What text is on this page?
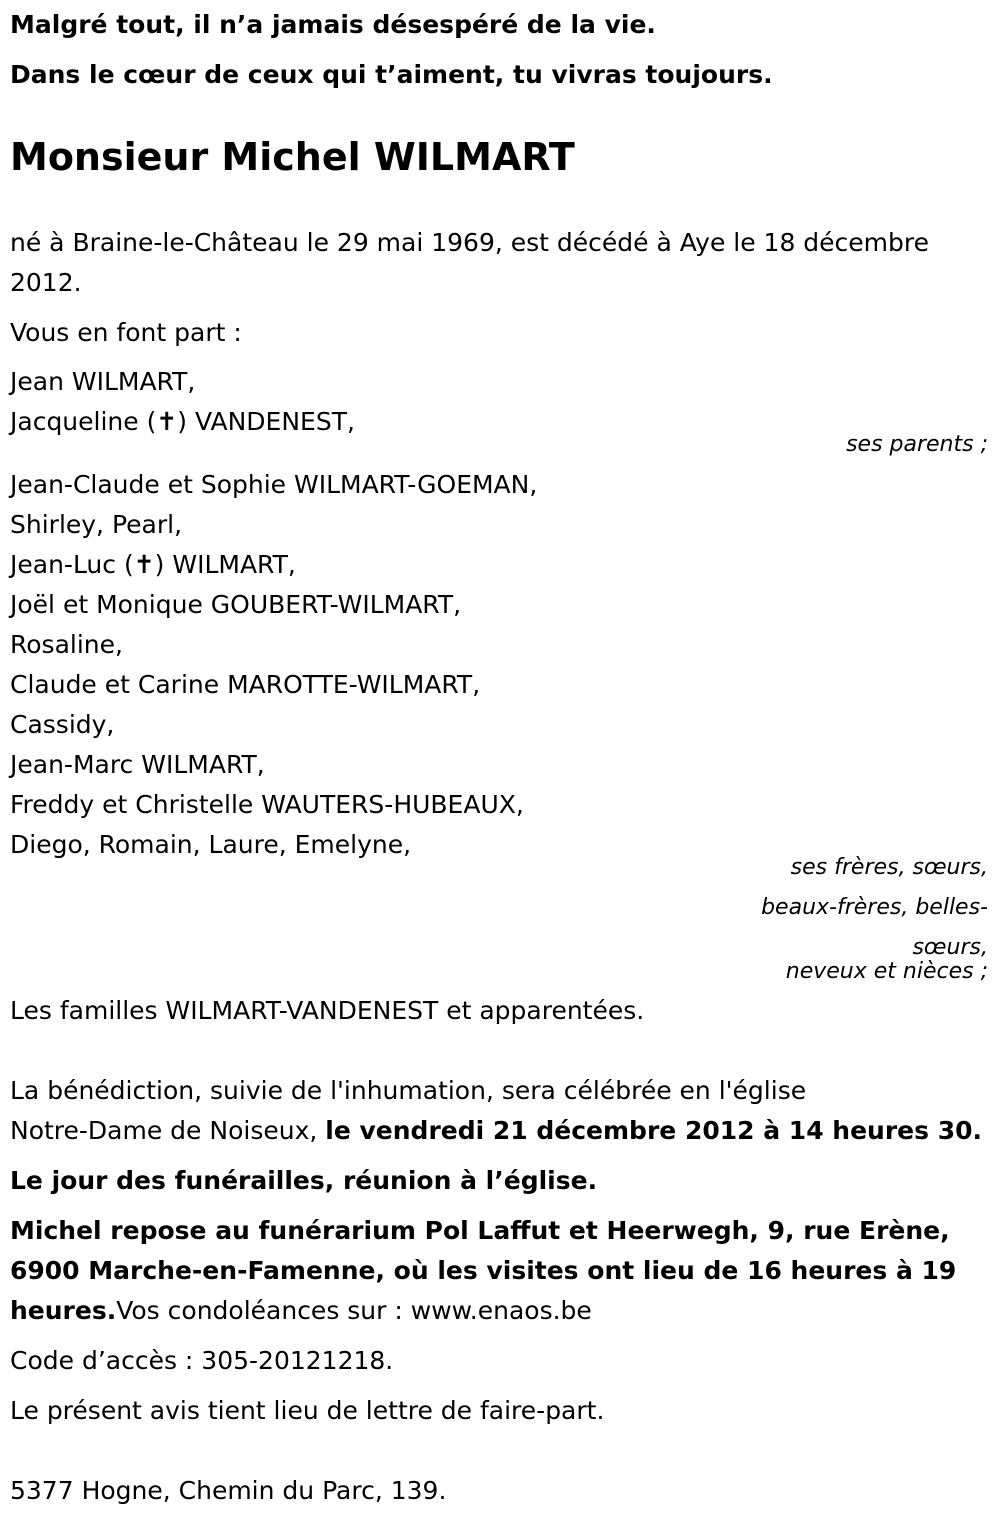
Malgré tout, il n’a jamais désespéré de la vie.
Dans le cœur de ceux qui t’aiment, tu vivras toujours.
Monsieur Michel WILMART
né à Braine-le-Château le 29 mai 1969, est décédé à Aye le 18 décembre
2012.
Vous en font part :
Jean WILMART,
Jacqueline (✝) VANDENEST,
ses parents ;
Jean-Claude et Sophie WILMART-GOEMAN,
Shirley, Pearl,
Jean-Luc (✝) WILMART,
Joël et Monique GOUBERT-WILMART,
Rosaline,
Claude et Carine MAROTTE-WILMART,
Cassidy,
Jean-Marc WILMART,
Freddy et Christelle WAUTERS-HUBEAUX,
Diego, Romain, Laure, Emelyne,
ses frères, sœurs,
beaux-frères, belles-
sœurs,
neveux et nièces ;
Les familles WILMART-VANDENEST et apparentées.
La bénédiction, suivie de l'inhumation, sera célébrée en l'église
Notre-Dame de Noiseux, le vendredi 21 décembre 2012 à 14 heures 30.
Le jour des funérailles, réunion à l’église.
Michel repose au funérarium Pol Laffut et Heerwegh, 9, rue Erène,
6900 Marche-en-Famenne, où les visites ont lieu de 16 heures à 19
heures.Vos condoléances sur : www.enaos.be
Code d’accès : 305-20121218.
Le présent avis tient lieu de lettre de faire-part.
5377 Hogne, Chemin du Parc, 139.
